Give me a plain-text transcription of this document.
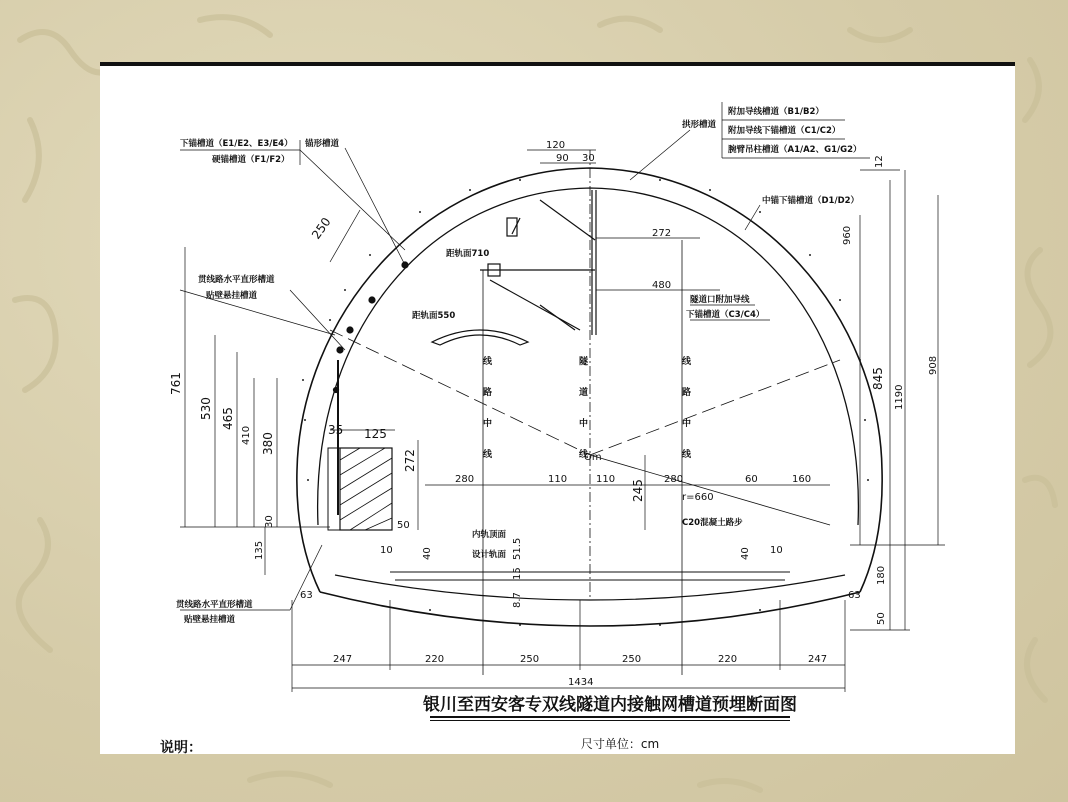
附加导线槽道（B1/B2）
附加导线下锚槽道（C1/C2）
腕臂吊柱槽道（A1/A2、G1/G2）
拱形槽道
下锚槽道（E1/E2、E3/E4）
硬锚槽道（F1/F2）
锚形槽道
中锚下锚槽道（D1/D2）
隧道口附加导线
下锚槽道（C3/C4）
贯线路水平直形槽道
贴壁悬挂槽道
贯线路水平直形槽道
贴壁悬挂槽道
距轨面710
距轨面550
内轨顶面
设计轨面
C20混凝土路步
r=660
Om
线路中线	隧道中线	线路中线
120
90 30	12
960
250	272
480
761
530 465
410 380
35 125
272
280	110	110	280	60	160
245
50
30
135
63	63
10	10
40	40
51.5
15
8.7
845
1190
908
180
50
247	220	250	250	220	247
1434
银川至西安客专双线隧道内接触网槽道预埋断面图
尺寸单位：cm
说明：
